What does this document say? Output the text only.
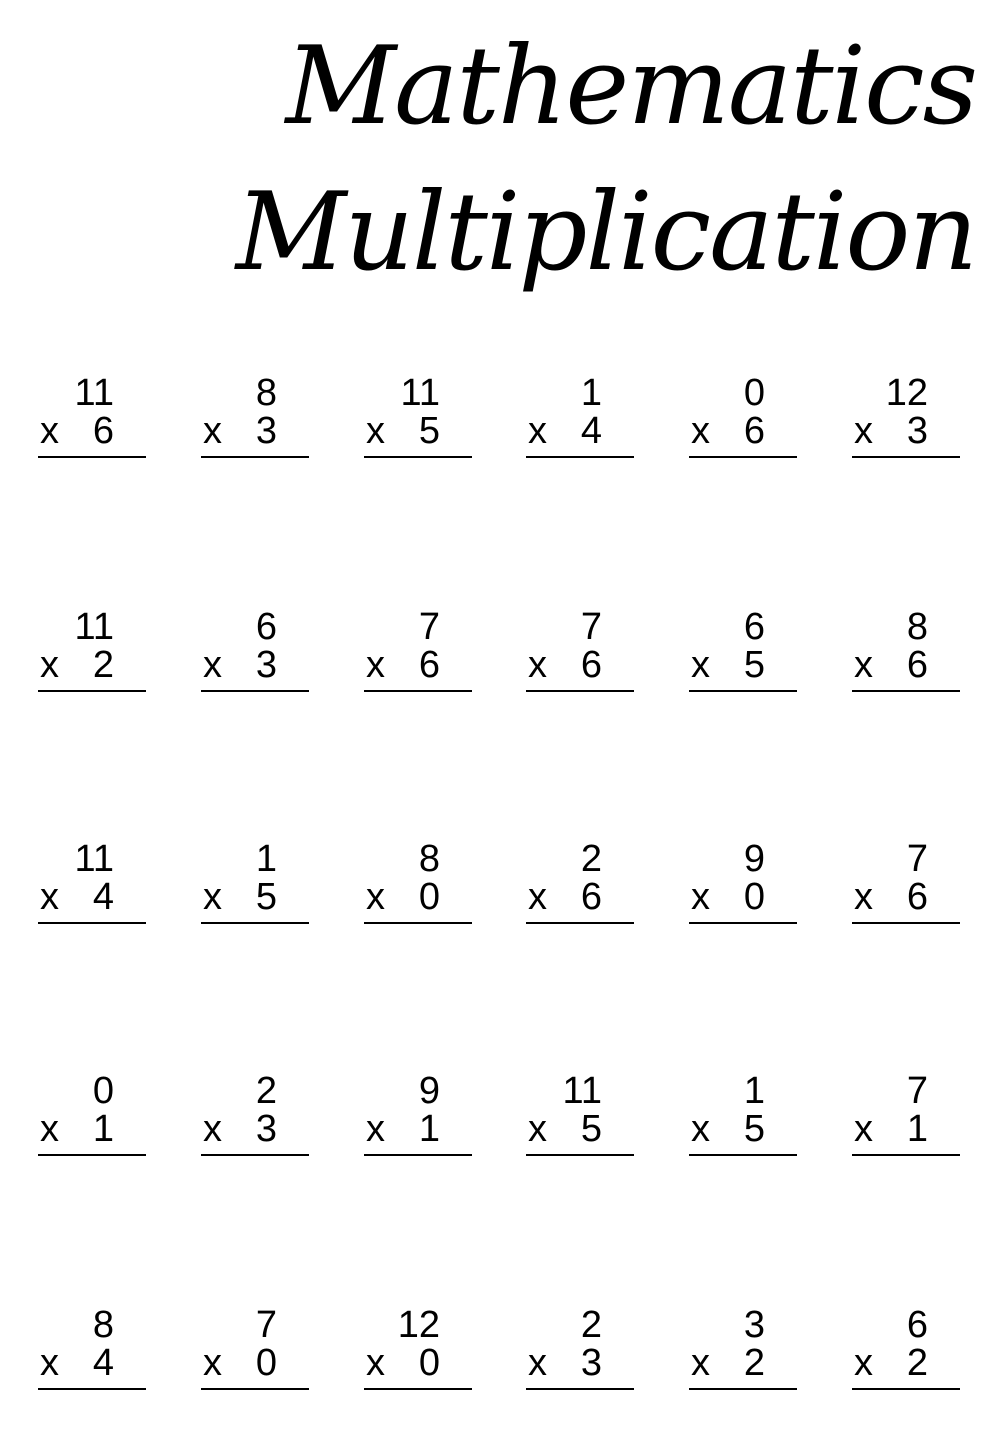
Mathematics
Multiplication
11
x 6
8
x 3
11
x 5
1
x 4
0
x 6
12
x 3
11
x 2
6
x 3
7
x 6
7
x 6
6
x 5
8
x 6
11
x 4
1
x 5
8
x 0
2
x 6
9
x 0
7
x 6
0
x 1
2
x 3
9
x 1
11
x 5
1
x 5
7
x 1
8
x 4
7
x 0
12
x 0
2
x 3
3
x 2
6
x 2
